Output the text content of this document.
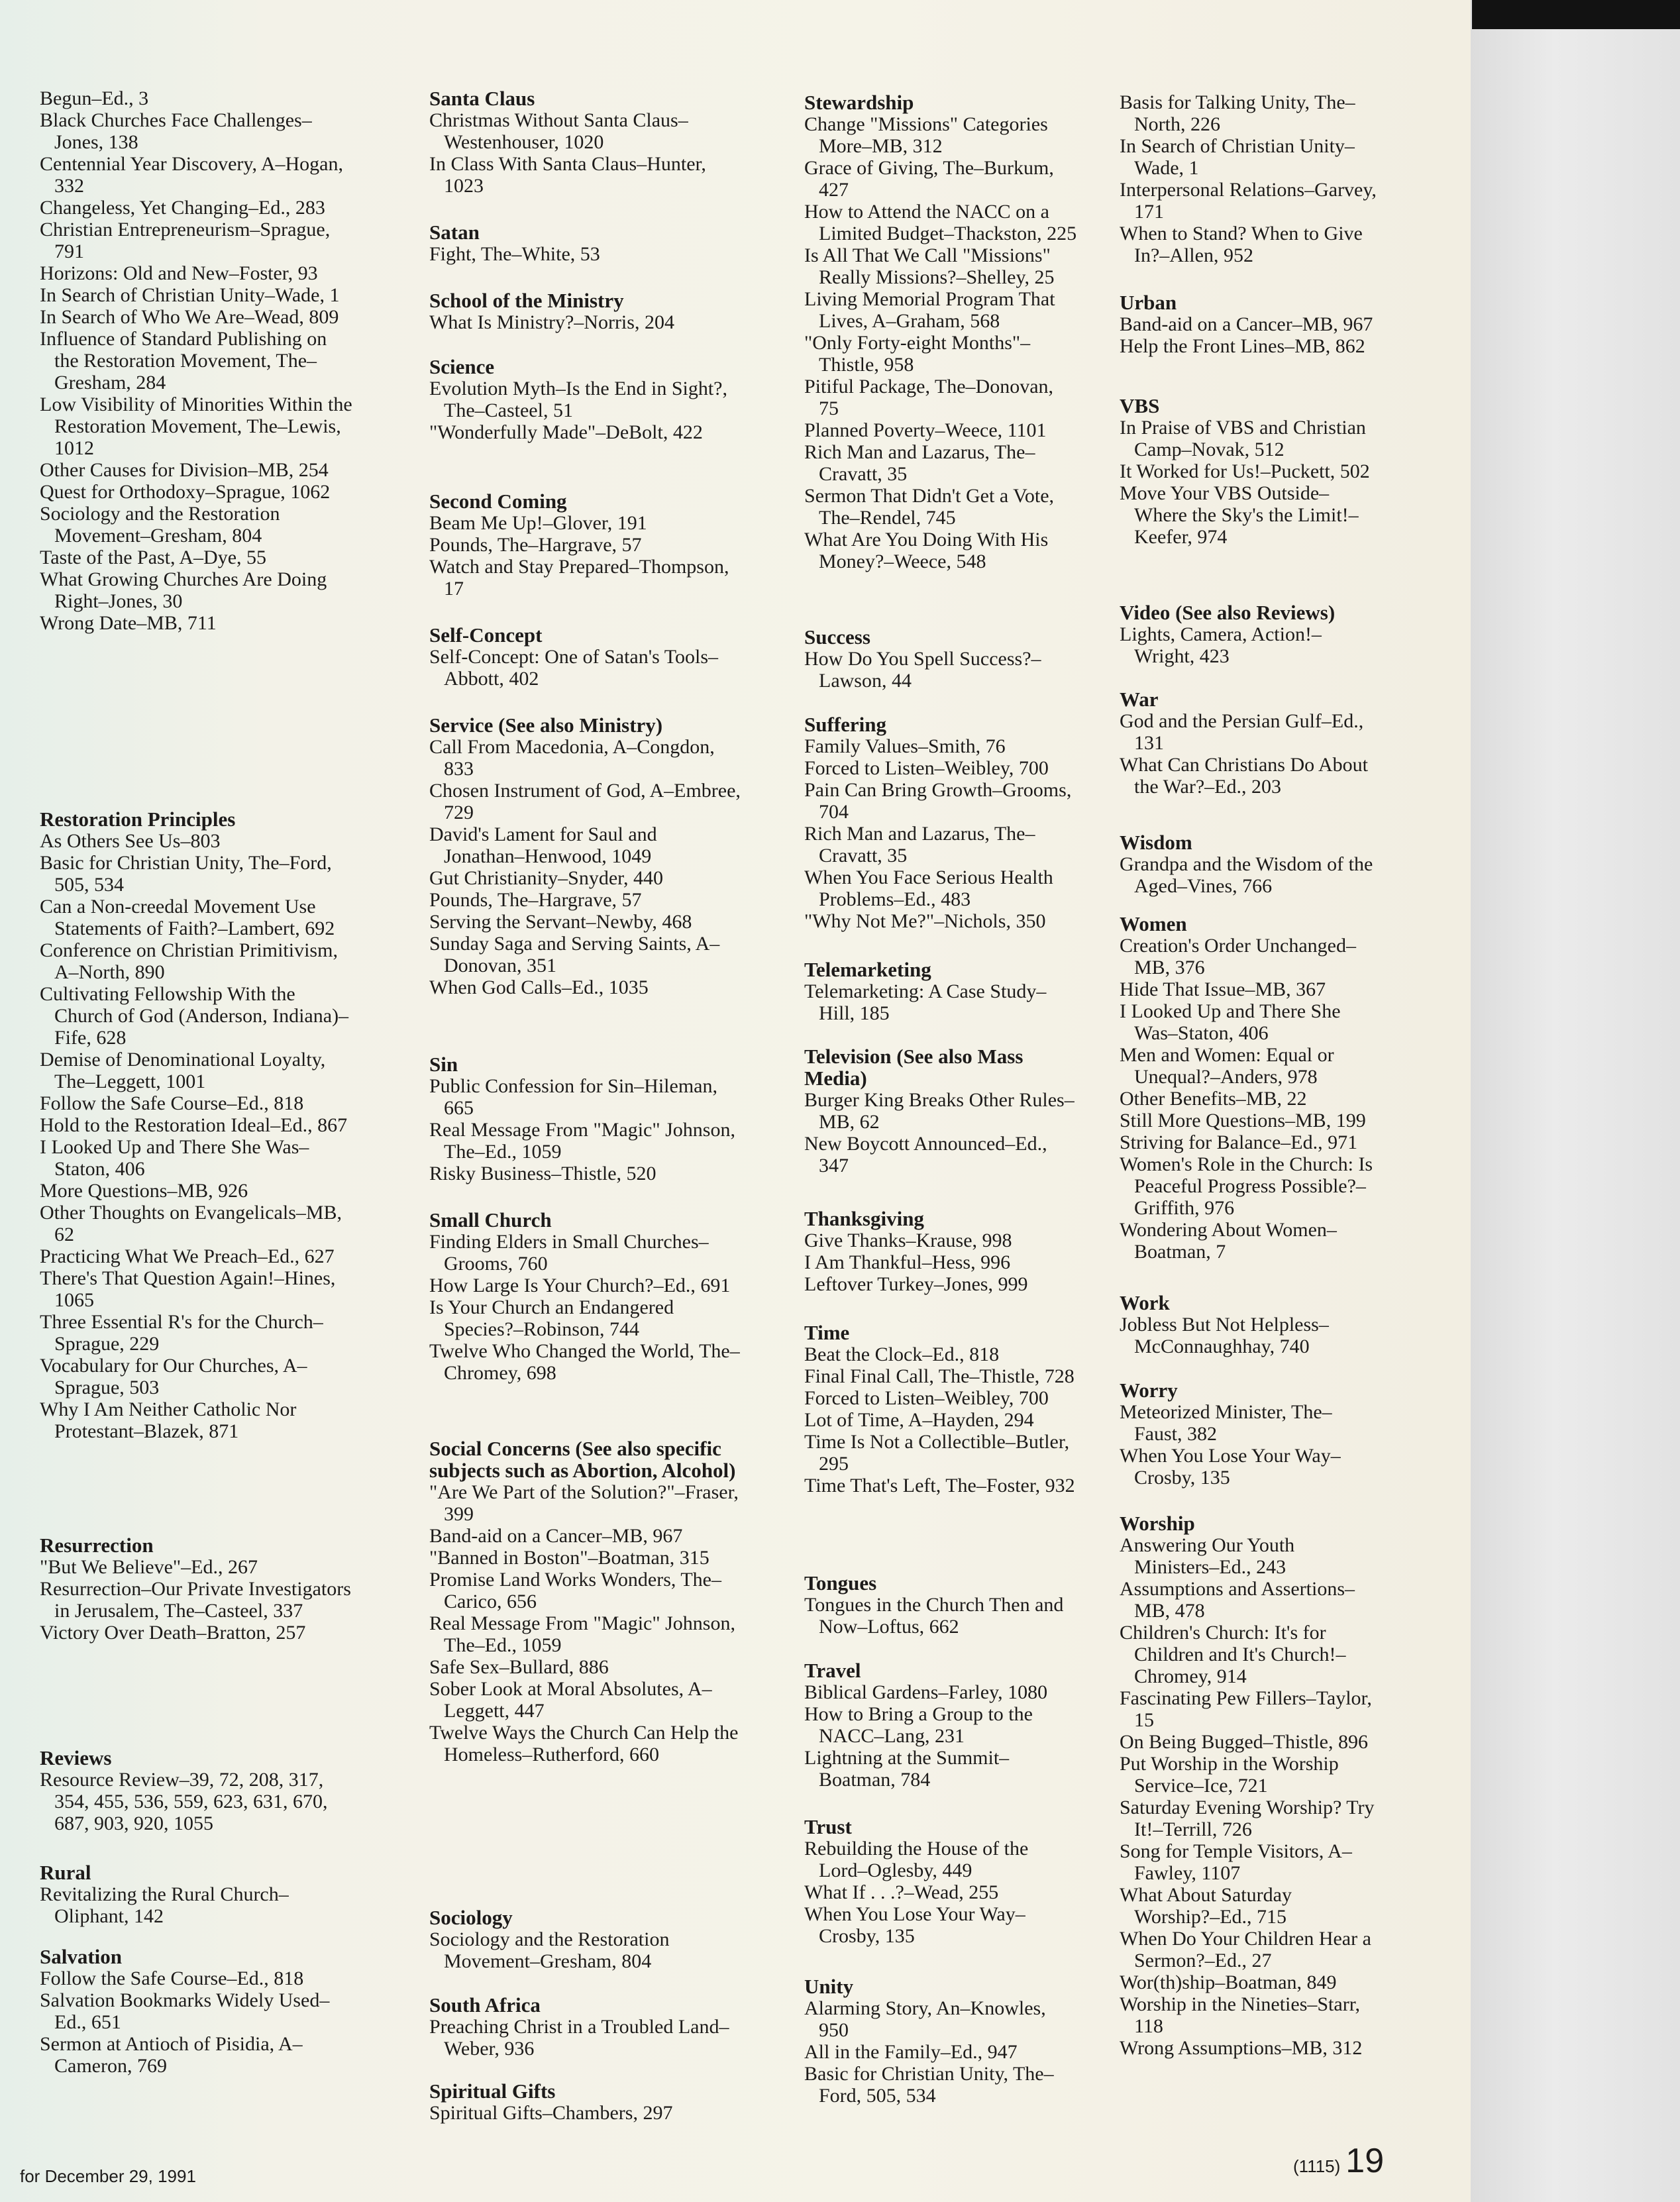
Begun–Ed., 3
Black Churches Face Challenges–Jones, 138
Centennial Year Discovery, A–Hogan, 332
Changeless, Yet Changing–Ed., 283
Christian Entrepreneurism–Sprague, 791
Horizons: Old and New–Foster, 93
In Search of Christian Unity–Wade, 1
In Search of Who We Are–Wead, 809
Influence of Standard Publishing on the Restoration Movement, The–Gresham, 284
Low Visibility of Minorities Within the Restoration Movement, The–Lewis, 1012
Other Causes for Division–MB, 254
Quest for Orthodoxy–Sprague, 1062
Sociology and the Restoration Movement–Gresham, 804
Taste of the Past, A–Dye, 55
What Growing Churches Are Doing Right–Jones, 30
Wrong Date–MB, 711
Restoration Principles
As Others See Us–803
Basic for Christian Unity, The–Ford, 505, 534
Can a Non-creedal Movement Use Statements of Faith?–Lambert, 692
Conference on Christian Primitivism, A–North, 890
Cultivating Fellowship With the Church of God (Anderson, Indiana)–Fife, 628
Demise of Denominational Loyalty, The–Leggett, 1001
Follow the Safe Course–Ed., 818
Hold to the Restoration Ideal–Ed., 867
I Looked Up and There She Was–Staton, 406
More Questions–MB, 926
Other Thoughts on Evangelicals–MB, 62
Practicing What We Preach–Ed., 627
There's That Question Again!–Hines, 1065
Three Essential R's for the Church–Sprague, 229
Vocabulary for Our Churches, A–Sprague, 503
Why I Am Neither Catholic Nor Protestant–Blazek, 871
Resurrection
"But We Believe"–Ed., 267
Resurrection–Our Private Investigators in Jerusalem, The–Casteel, 337
Victory Over Death–Bratton, 257
Reviews
Resource Review–39, 72, 208, 317, 354, 455, 536, 559, 623, 631, 670, 687, 903, 920, 1055
Rural
Revitalizing the Rural Church–Oliphant, 142
Salvation
Follow the Safe Course–Ed., 818
Salvation Bookmarks Widely Used–Ed., 651
Sermon at Antioch of Pisidia, A–Cameron, 769
Santa Claus
Christmas Without Santa Claus–Westenhouser, 1020
In Class With Santa Claus–Hunter, 1023
Satan
Fight, The–White, 53
School of the Ministry
What Is Ministry?–Norris, 204
Science
Evolution Myth–Is the End in Sight?, The–Casteel, 51
"Wonderfully Made"–DeBolt, 422
Second Coming
Beam Me Up!–Glover, 191
Pounds, The–Hargrave, 57
Watch and Stay Prepared–Thompson, 17
Self-Concept
Self-Concept: One of Satan's Tools–Abbott, 402
Service (See also Ministry)
Call From Macedonia, A–Congdon, 833
Chosen Instrument of God, A–Embree, 729
David's Lament for Saul and Jonathan–Henwood, 1049
Gut Christianity–Snyder, 440
Pounds, The–Hargrave, 57
Serving the Servant–Newby, 468
Sunday Saga and Serving Saints, A–Donovan, 351
When God Calls–Ed., 1035
Sin
Public Confession for Sin–Hileman, 665
Real Message From "Magic" Johnson, The–Ed., 1059
Risky Business–Thistle, 520
Small Church
Finding Elders in Small Churches–Grooms, 760
How Large Is Your Church?–Ed., 691
Is Your Church an Endangered Species?–Robinson, 744
Twelve Who Changed the World, The–Chromey, 698
Social Concerns (See also specific subjects such as Abortion, Alcohol)
"Are We Part of the Solution?"–Fraser, 399
Band-aid on a Cancer–MB, 967
"Banned in Boston"–Boatman, 315
Promise Land Works Wonders, The–Carico, 656
Real Message From "Magic" Johnson, The–Ed., 1059
Safe Sex–Bullard, 886
Sober Look at Moral Absolutes, A–Leggett, 447
Twelve Ways the Church Can Help the Homeless–Rutherford, 660
Sociology
Sociology and the Restoration Movement–Gresham, 804
South Africa
Preaching Christ in a Troubled Land–Weber, 936
Spiritual Gifts
Spiritual Gifts–Chambers, 297
Stewardship
Change "Missions" Categories More–MB, 312
Grace of Giving, The–Burkum, 427
How to Attend the NACC on a Limited Budget–Thackston, 225
Is All That We Call "Missions" Really Missions?–Shelley, 25
Living Memorial Program That Lives, A–Graham, 568
"Only Forty-eight Months"–Thistle, 958
Pitiful Package, The–Donovan, 75
Planned Poverty–Weece, 1101
Rich Man and Lazarus, The–Cravatt, 35
Sermon That Didn't Get a Vote, The–Rendel, 745
What Are You Doing With His Money?–Weece, 548
Success
How Do You Spell Success?–Lawson, 44
Suffering
Family Values–Smith, 76
Forced to Listen–Weibley, 700
Pain Can Bring Growth–Grooms, 704
Rich Man and Lazarus, The–Cravatt, 35
When You Face Serious Health Problems–Ed., 483
"Why Not Me?"–Nichols, 350
Telemarketing
Telemarketing: A Case Study–Hill, 185
Television (See also Mass Media)
Burger King Breaks Other Rules–MB, 62
New Boycott Announced–Ed., 347
Thanksgiving
Give Thanks–Krause, 998
I Am Thankful–Hess, 996
Leftover Turkey–Jones, 999
Time
Beat the Clock–Ed., 818
Final Final Call, The–Thistle, 728
Forced to Listen–Weibley, 700
Lot of Time, A–Hayden, 294
Time Is Not a Collectible–Butler, 295
Time That's Left, The–Foster, 932
Tongues
Tongues in the Church Then and Now–Loftus, 662
Travel
Biblical Gardens–Farley, 1080
How to Bring a Group to the NACC–Lang, 231
Lightning at the Summit–Boatman, 784
Trust
Rebuilding the House of the Lord–Oglesby, 449
What If . . .?–Wead, 255
When You Lose Your Way–Crosby, 135
Unity
Alarming Story, An–Knowles, 950
All in the Family–Ed., 947
Basic for Christian Unity, The–Ford, 505, 534
Basis for Talking Unity, The–North, 226
In Search of Christian Unity–Wade, 1
Interpersonal Relations–Garvey, 171
When to Stand? When to Give In?–Allen, 952
Urban
Band-aid on a Cancer–MB, 967
Help the Front Lines–MB, 862
VBS
In Praise of VBS and Christian Camp–Novak, 512
It Worked for Us!–Puckett, 502
Move Your VBS Outside–Where the Sky's the Limit!–Keefer, 974
Video (See also Reviews)
Lights, Camera, Action!–Wright, 423
War
God and the Persian Gulf–Ed., 131
What Can Christians Do About the War?–Ed., 203
Wisdom
Grandpa and the Wisdom of the Aged–Vines, 766
Women
Creation's Order Unchanged–MB, 376
Hide That Issue–MB, 367
I Looked Up and There She Was–Staton, 406
Men and Women: Equal or Unequal?–Anders, 978
Other Benefits–MB, 22
Still More Questions–MB, 199
Striving for Balance–Ed., 971
Women's Role in the Church: Is Peaceful Progress Possible?–Griffith, 976
Wondering About Women–Boatman, 7
Work
Jobless But Not Helpless–McConnaughhay, 740
Worry
Meteorized Minister, The–Faust, 382
When You Lose Your Way–Crosby, 135
Worship
Answering Our Youth Ministers–Ed., 243
Assumptions and Assertions–MB, 478
Children's Church: It's for Children and It's Church!–Chromey, 914
Fascinating Pew Fillers–Taylor, 15
On Being Bugged–Thistle, 896
Put Worship in the Worship Service–Ice, 721
Saturday Evening Worship? Try It!–Terrill, 726
Song for Temple Visitors, A–Fawley, 1107
What About Saturday Worship?–Ed., 715
When Do Your Children Hear a Sermon?–Ed., 27
Wor(th)ship–Boatman, 849
Worship in the Nineties–Starr, 118
Wrong Assumptions–MB, 312
for December 29, 1991	(1115) 19
